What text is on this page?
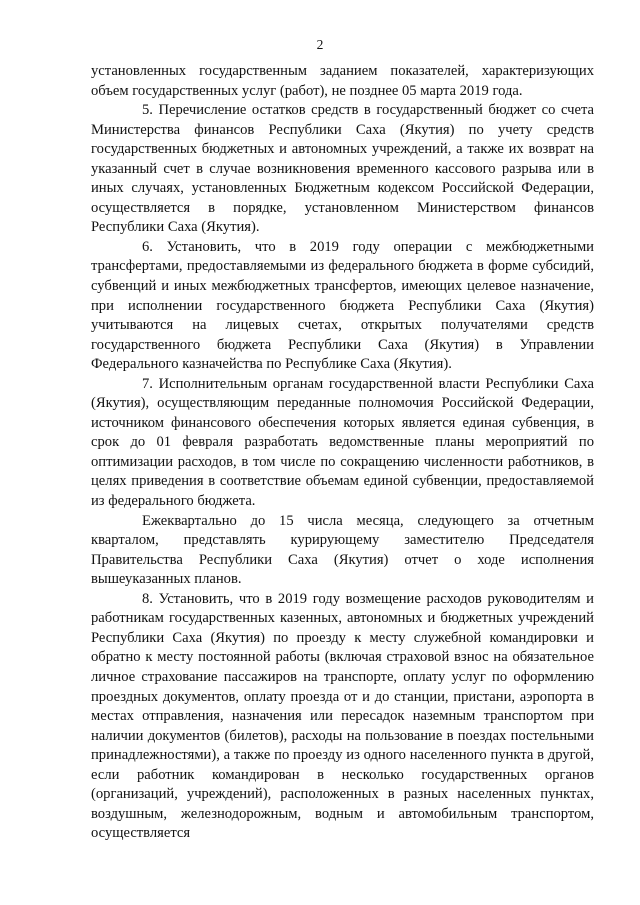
2

установленных государственным заданием показателей, характеризующих объем государственных услуг (работ), не позднее 05 марта 2019 года.

5. Перечисление остатков средств в государственный бюджет со счета Министерства финансов Республики Саха (Якутия) по учету средств государственных бюджетных и автономных учреждений, а также их возврат на указанный счет в случае возникновения временного кассового разрыва или в иных случаях, установленных Бюджетным кодексом Российской Федерации, осуществляется в порядке, установленном Министерством финансов Республики Саха (Якутия).

6. Установить, что в 2019 году операции с межбюджетными трансфертами, предоставляемыми из федерального бюджета в форме субсидий, субвенций и иных межбюджетных трансфертов, имеющих целевое назначение, при исполнении государственного бюджета Республики Саха (Якутия) учитываются на лицевых счетах, открытых получателями средств государственного бюджета Республики Саха (Якутия) в Управлении Федерального казначейства по Республике Саха (Якутия).

7. Исполнительным органам государственной власти Республики Саха (Якутия), осуществляющим переданные полномочия Российской Федерации, источником финансового обеспечения которых является единая субвенция, в срок до 01 февраля разработать ведомственные планы мероприятий по оптимизации расходов, в том числе по сокращению численности работников, в целях приведения в соответствие объемам единой субвенции, предоставляемой из федерального бюджета.

Ежеквартально до 15 числа месяца, следующего за отчетным кварталом, представлять курирующему заместителю Председателя Правительства Республики Саха (Якутия) отчет о ходе исполнения вышеуказанных планов.

8. Установить, что в 2019 году возмещение расходов руководителям и работникам государственных казенных, автономных и бюджетных учреждений Республики Саха (Якутия) по проезду к месту служебной командировки и обратно к месту постоянной работы (включая страховой взнос на обязательное личное страхование пассажиров на транспорте, оплату услуг по оформлению проездных документов, оплату проезда от и до станции, пристани, аэропорта в местах отправления, назначения или пересадок наземным транспортом при наличии документов (билетов), расходы на пользование в поездах постельными принадлежностями), а также по проезду из одного населенного пункта в другой, если работник командирован в несколько государственных органов (организаций, учреждений), расположенных в разных населенных пунктах, воздушным, железнодорожным, водным и автомобильным транспортом, осуществляется
